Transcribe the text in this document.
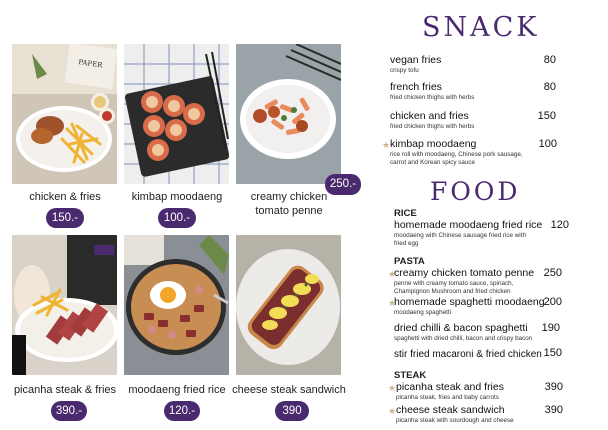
PAPER
chicken & fries
150.-
kimbap moodaeng
100.-
creamy chicken
tomato penne
250.-
picanha steak & fries
390.-
moodaeng fried rice
120.-
cheese steak sandwich
390
SNACK
vegan fries
crispy tofu
80
french fries
fried chicken thighs with herbs
80
chicken and fries
fried chicken thighs with herbs
150
★ kimbap moodaeng
rice roll with moodaeng, Chinese pork sausage,
carrot and Korean spicy sauce
100
FOOD
RICE
homemade moodaeng fried rice
moodaeng with Chinese sausage fried rice with
fried egg
120
PASTA
★
creamy chicken tomato penne
penne with creamy tomato sauce, spinach,
Champignon Mushroom and fried chicken
250
★
homemade spaghetti moodaeng
moodaeng spaghetti
200
dried chilli & bacon spaghetti
spaghetti with dried chilli, bacon and crispy bacon
190
stir fried macaroni & fried chicken 150
STEAK
★ picanha steak and fries
picanha steak, fries and baby carrots
390
★ cheese steak sandwich
picanha steak with sourdough and cheese
390
